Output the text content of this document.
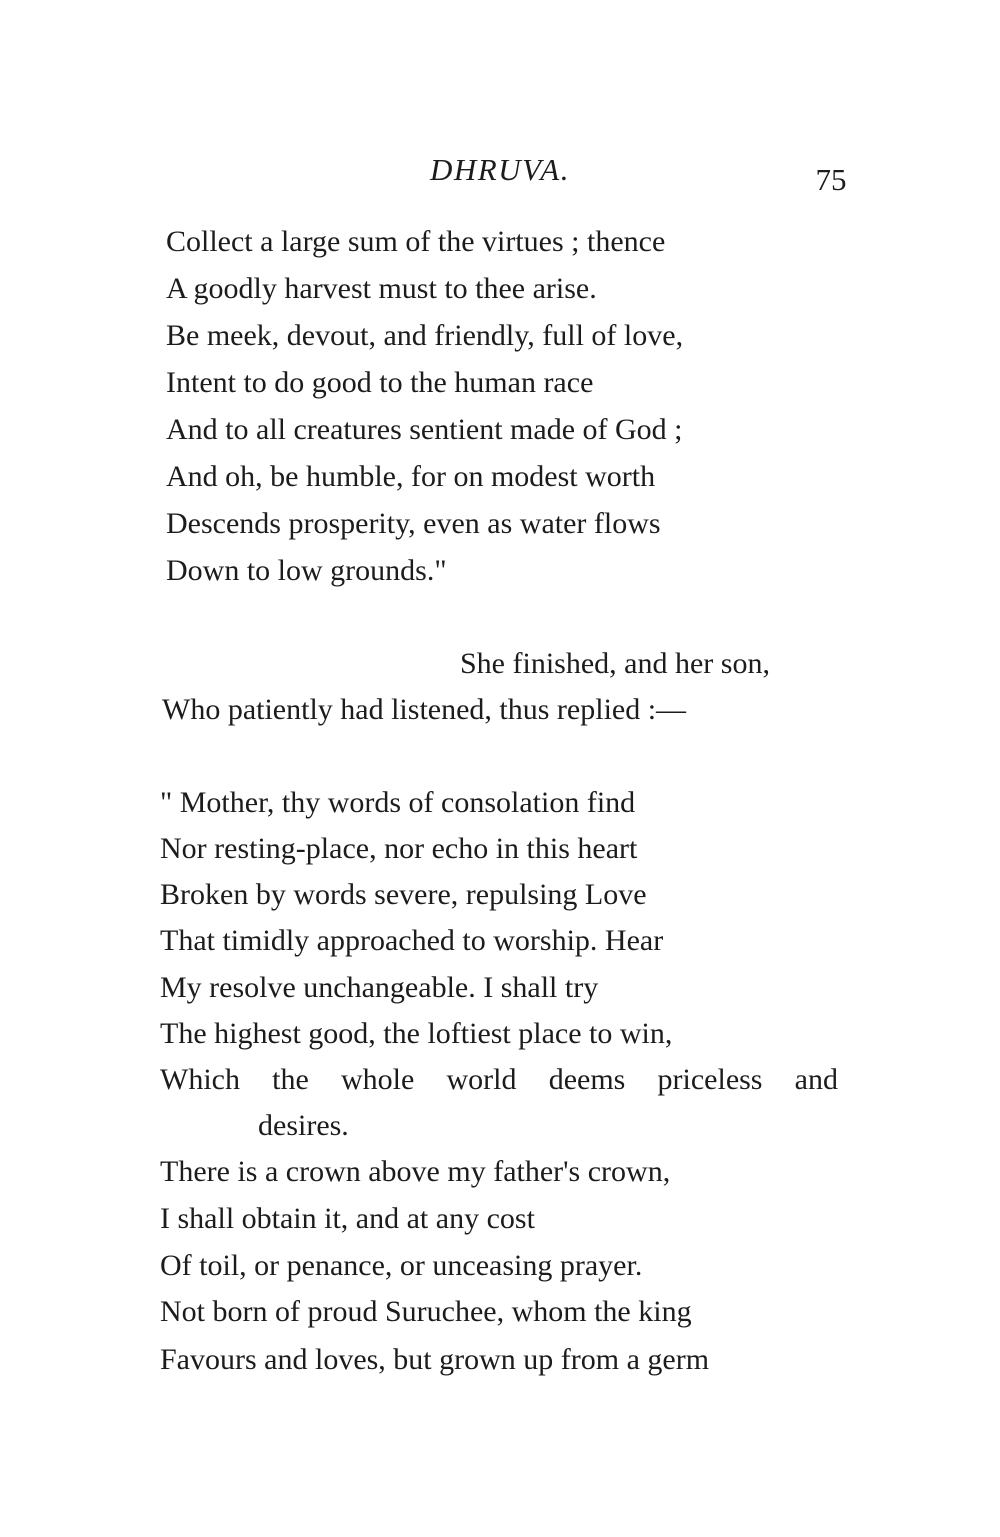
DHRUVA.	75
Collect a large sum of the virtues ; thence
A goodly harvest must to thee arise.
Be meek, devout, and friendly, full of love,
Intent to do good to the human race
And to all creatures sentient made of God ;
And oh, be humble, for on modest worth
Descends prosperity, even as water flows
Down to low grounds."
She finished, and her son,
Who patiently had listened, thus replied :—
" Mother, thy words of consolation find
Nor resting-place, nor echo in this heart
Broken by words severe, repulsing Love
That timidly approached to worship. Hear
My resolve unchangeable. I shall try
The highest good, the loftiest place to win,
Which the whole world deems priceless and
desires.
There is a crown above my father's crown,
I shall obtain it, and at any cost
Of toil, or penance, or unceasing prayer.
Not born of proud Suruchee, whom the king
Favours and loves, but grown up from a germ
